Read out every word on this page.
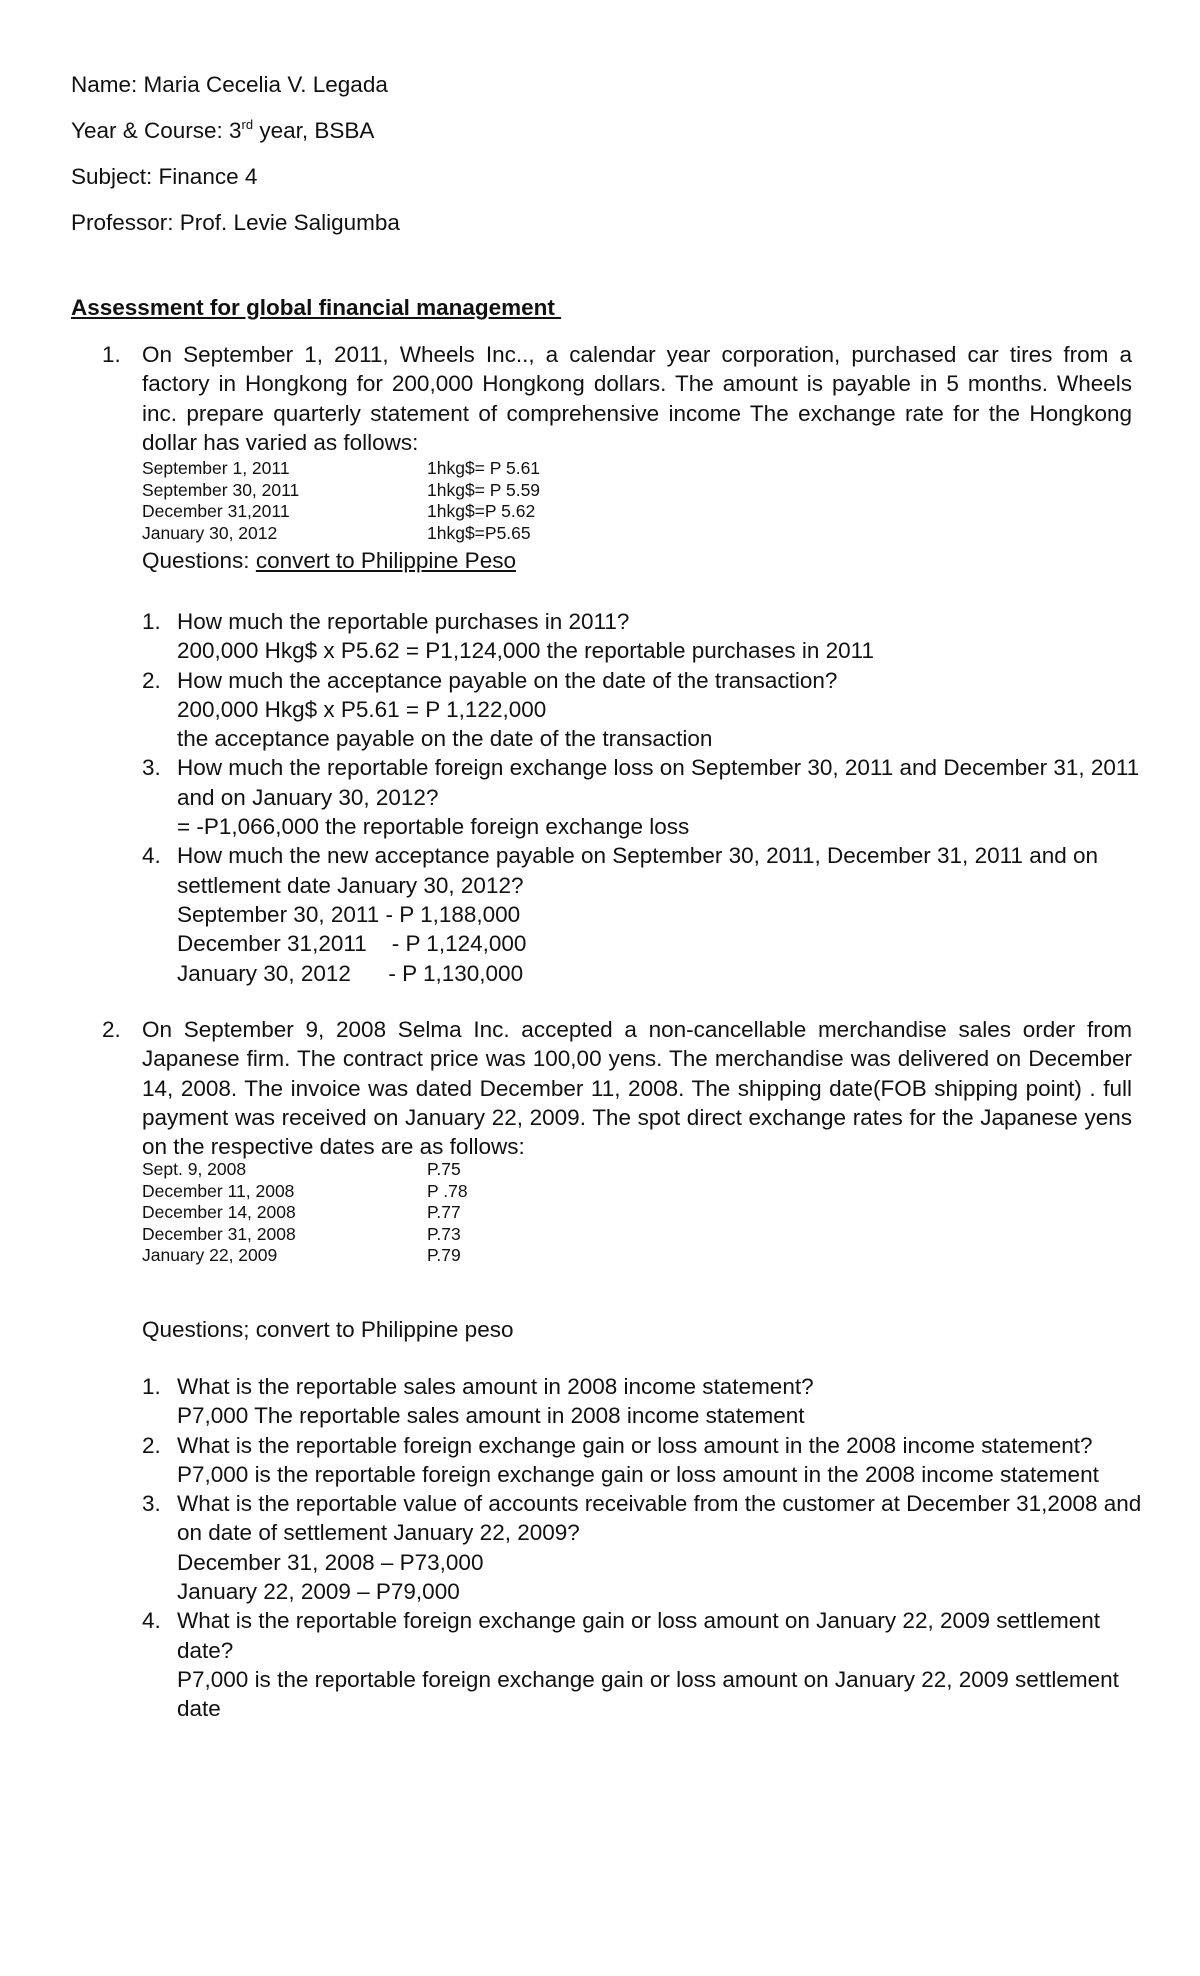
Name: Maria Cecelia V. Legada

Year & Course: 3rd year, BSBA

Subject: Finance 4

Professor: Prof. Levie Saligumba

Assessment for global financial management

1. On September 1, 2011, Wheels Inc.., a calendar year corporation, purchased car tires from a factory in Hongkong for 200,000 Hongkong dollars. The amount is payable in 5 months. Wheels inc. prepare quarterly statement of comprehensive income The exchange rate for the Hongkong dollar has varied as follows:

September 1, 2011	1hkg$= P 5.61
September 30, 2011	1hkg$= P 5.59
December 31,2011	1hkg$=P 5.62
January 30, 2012	1hkg$=P5.65
Questions: convert to Philippine Peso
1. How much the reportable purchases in 2011?
200,000 Hkg$ x P5.62 = P1,124,000 the reportable purchases in 2011
2. How much the acceptance payable on the date of the transaction?
200,000 Hkg$ x P5.61 = P 1,122,000
the acceptance payable on the date of the transaction
3. How much the reportable foreign exchange loss on September 30, 2011 and December 31, 2011 and on January 30, 2012?
= -P1,066,000 the reportable foreign exchange loss
4. How much the new acceptance payable on September 30, 2011, December 31, 2011 and on settlement date January 30, 2012?
September 30, 2011 - P 1,188,000
December 31,2011    - P 1,124,000
January 30, 2012      - P 1,130,000
2. On September 9, 2008 Selma Inc. accepted a non-cancellable merchandise sales order from Japanese firm. The contract price was 100,00 yens. The merchandise was delivered on December 14, 2008. The invoice was dated December 11, 2008. The shipping date(FOB shipping point) . full payment was received on January 22, 2009. The spot direct exchange rates for the Japanese yens on the respective dates are as follows:

Sept. 9, 2008	P.75
December 11, 2008	P .78
December 14, 2008	P.77
December 31, 2008	P.73
January 22, 2009	P.79
Questions; convert to Philippine peso
1. What is the reportable sales amount in 2008 income statement?
P7,000 The reportable sales amount in 2008 income statement
2. What is the reportable foreign exchange gain or loss amount in the 2008 income statement?
P7,000 is the reportable foreign exchange gain or loss amount in the 2008 income statement
3. What is the reportable value of accounts receivable from the customer at December 31,2008 and on date of settlement January 22, 2009?
December 31, 2008 – P73,000
January 22, 2009 – P79,000
4. What is the reportable foreign exchange gain or loss amount on January 22, 2009 settlement date?
P7,000 is the reportable foreign exchange gain or loss amount on January 22, 2009 settlement date
